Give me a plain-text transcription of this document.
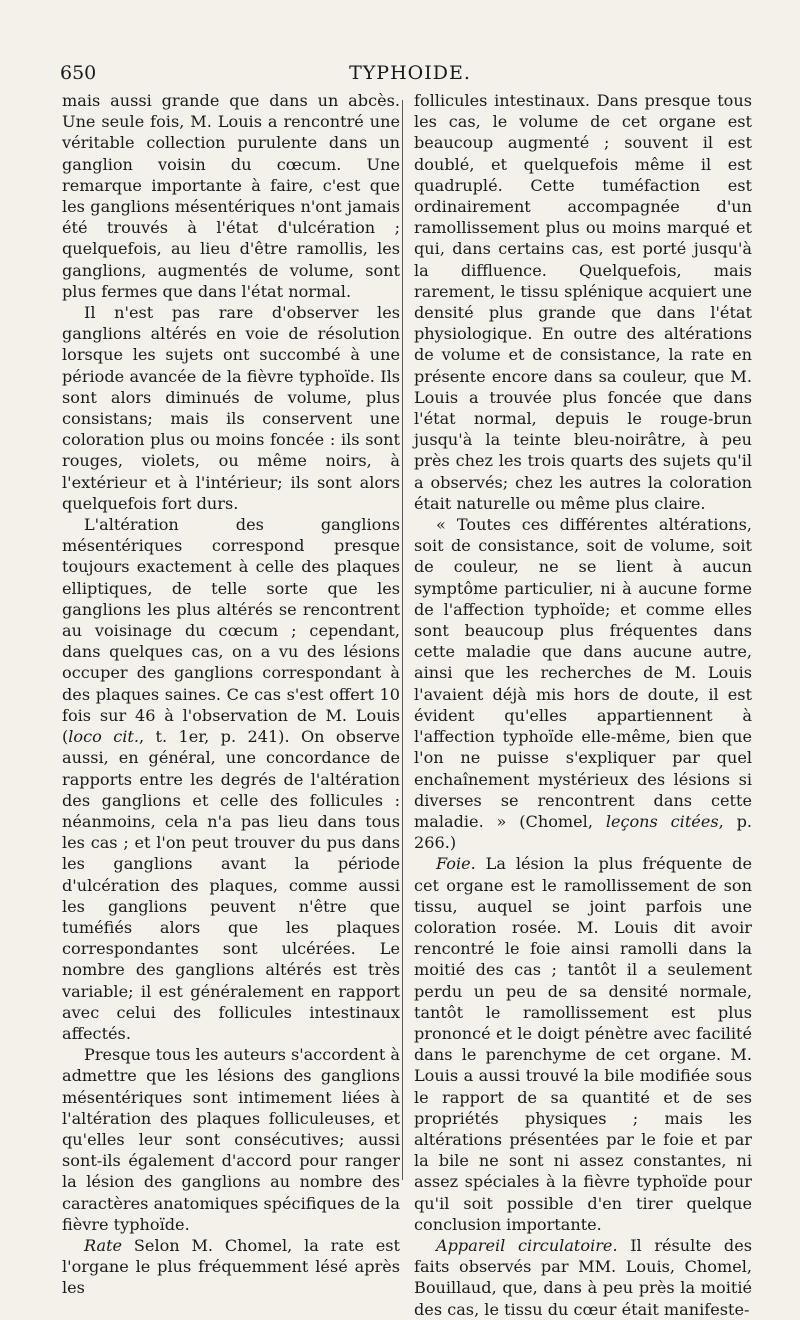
650	TYPHOIDE.

mais aussi grande que dans un abcès. Une seule fois, M. Louis a rencontré une véritable collection purulente dans un ganglion voisin du cœcum. Une remarque importante à faire, c'est que les ganglions mésentériques n'ont jamais été trouvés à l'état d'ulcération ; quelquefois, au lieu d'être ramollis, les ganglions, augmentés de volume, sont plus fermes que dans l'état normal.

Il n'est pas rare d'observer les ganglions altérés en voie de résolution lorsque les sujets ont succombé à une période avancée de la fièvre typhoïde. Ils sont alors diminués de volume, plus consistans; mais ils conservent une coloration plus ou moins foncée : ils sont rouges, violets, ou même noirs, à l'extérieur et à l'intérieur; ils sont alors quelquefois fort durs.

L'altération des ganglions mésentériques correspond presque toujours exactement à celle des plaques elliptiques, de telle sorte que les ganglions les plus altérés se rencontrent au voisinage du cœcum ; cependant, dans quelques cas, on a vu des lésions occuper des ganglions correspondant à des plaques saines. Ce cas s'est offert 10 fois sur 46 à l'observation de M. Louis (loco cit., t. 1er, p. 241). On observe aussi, en général, une concordance de rapports entre les degrés de l'altération des ganglions et celle des follicules : néanmoins, cela n'a pas lieu dans tous les cas ; et l'on peut trouver du pus dans les ganglions avant la période d'ulcération des plaques, comme aussi les ganglions peuvent n'être que tuméfiés alors que les plaques correspondantes sont ulcérées. Le nombre des ganglions altérés est très variable; il est généralement en rapport avec celui des follicules intestinaux affectés.

Presque tous les auteurs s'accordent à admettre que les lésions des ganglions mésentériques sont intimement liées à l'altération des plaques folliculeuses, et qu'elles leur sont consécutives; aussi sont-ils également d'accord pour ranger la lésion des ganglions au nombre des caractères anatomiques spécifiques de la fièvre typhoïde.

Rate Selon M. Chomel, la rate est l'organe le plus fréquemment lésé après les

follicules intestinaux. Dans presque tous les cas, le volume de cet organe est beaucoup augmenté ; souvent il est doublé, et quelquefois même il est quadruplé. Cette tuméfaction est ordinairement accompagnée d'un ramollissement plus ou moins marqué et qui, dans certains cas, est porté jusqu'à la diffluence. Quelquefois, mais rarement, le tissu splénique acquiert une densité plus grande que dans l'état physiologique. En outre des altérations de volume et de consistance, la rate en présente encore dans sa couleur, que M. Louis a trouvée plus foncée que dans l'état normal, depuis le rouge-brun jusqu'à la teinte bleu-noirâtre, à peu près chez les trois quarts des sujets qu'il a observés; chez les autres la coloration était naturelle ou même plus claire.

« Toutes ces différentes altérations, soit de consistance, soit de volume, soit de couleur, ne se lient à aucun symptôme particulier, ni à aucune forme de l'affection typhoïde; et comme elles sont beaucoup plus fréquentes dans cette maladie que dans aucune autre, ainsi que les recherches de M. Louis l'avaient déjà mis hors de doute, il est évident qu'elles appartiennent à l'affection typhoïde elle-même, bien que l'on ne puisse s'expliquer par quel enchaînement mystérieux des lésions si diverses se rencontrent dans cette maladie. » (Chomel, leçons citées, p. 266.)

Foie. La lésion la plus fréquente de cet organe est le ramollissement de son tissu, auquel se joint parfois une coloration rosée. M. Louis dit avoir rencontré le foie ainsi ramolli dans la moitié des cas ; tantôt il a seulement perdu un peu de sa densité normale, tantôt le ramollissement est plus prononcé et le doigt pénètre avec facilité dans le parenchyme de cet organe. M. Louis a aussi trouvé la bile modifiée sous le rapport de sa quantité et de ses propriétés physiques ; mais les altérations présentées par le foie et par la bile ne sont ni assez constantes, ni assez spéciales à la fièvre typhoïde pour qu'il soit possible d'en tirer quelque conclusion importante.

Appareil circulatoire. Il résulte des faits observés par MM. Louis, Chomel, Bouillaud, que, dans à peu près la moitié des cas, le tissu du cœur était manifeste-
